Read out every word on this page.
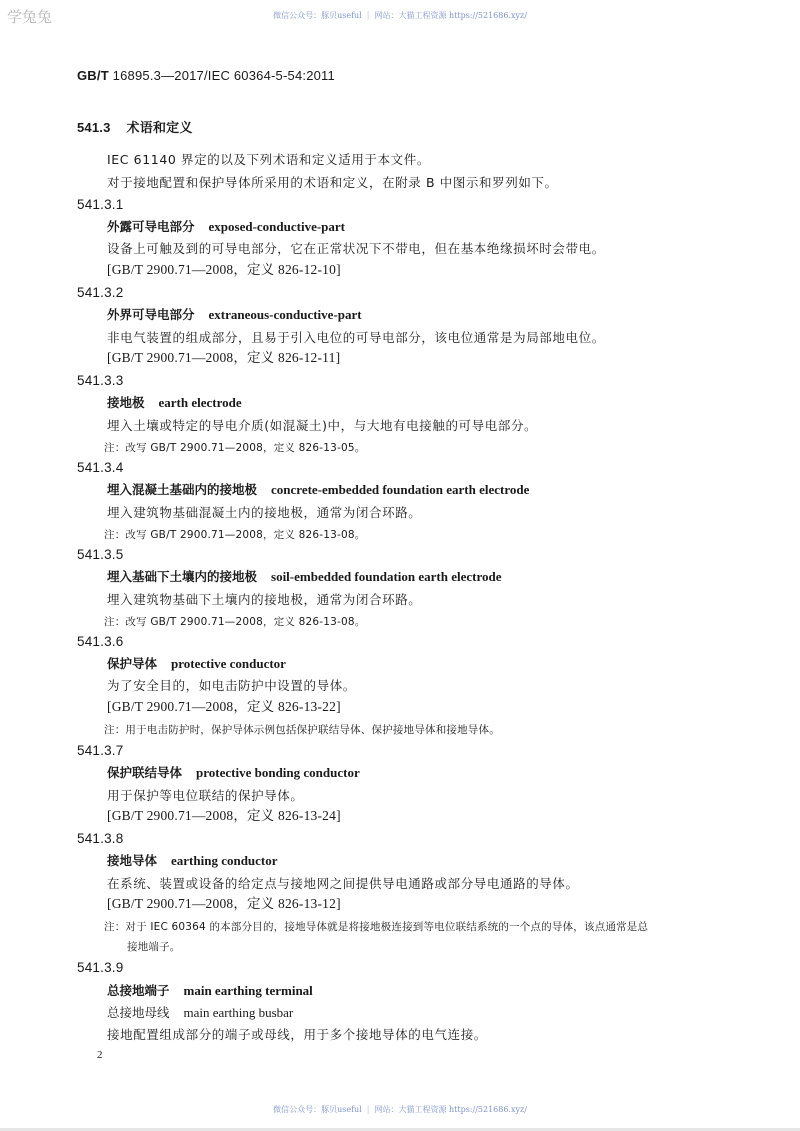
学兔兔	微信公众号：豚贝useful | 网站：大猫工程资源 https://521686.xyz/
GB/T 16895.3—2017/IEC 60364-5-54:2011
541.3 术语和定义
IEC 61140 界定的以及下列术语和定义适用于本文件。
对于接地配置和保护导体所采用的术语和定义，在附录 B 中图示和罗列如下。
541.3.1
外露可导电部分 exposed-conductive-part
设备上可触及到的可导电部分，它在正常状况下不带电，但在基本绝缘损坏时会带电。
[GB/T 2900.71—2008，定义 826-12-10]
541.3.2
外界可导电部分 extraneous-conductive-part
非电气装置的组成部分，且易于引入电位的可导电部分，该电位通常是为局部地电位。
[GB/T 2900.71—2008，定义 826-12-11]
541.3.3
接地极 earth electrode
埋入土壤或特定的导电介质(如混凝土)中，与大地有电接触的可导电部分。
注：改写 GB/T 2900.71—2008，定义 826-13-05。
541.3.4
埋入混凝土基础内的接地极 concrete-embedded foundation earth electrode
埋入建筑物基础混凝土内的接地极，通常为闭合环路。
注：改写 GB/T 2900.71—2008，定义 826-13-08。
541.3.5
埋入基础下土壤内的接地极 soil-embedded foundation earth electrode
埋入建筑物基础下土壤内的接地极，通常为闭合环路。
注：改写 GB/T 2900.71—2008，定义 826-13-08。
541.3.6
保护导体 protective conductor
为了安全目的，如电击防护中设置的导体。
[GB/T 2900.71—2008，定义 826-13-22]
注：用于电击防护时，保护导体示例包括保护联结导体、保护接地导体和接地导体。
541.3.7
保护联结导体 protective bonding conductor
用于保护等电位联结的保护导体。
[GB/T 2900.71—2008，定义 826-13-24]
541.3.8
接地导体 earthing conductor
在系统、装置或设备的给定点与接地网之间提供导电通路或部分导电通路的导体。
[GB/T 2900.71—2008，定义 826-13-12]
注：对于 IEC 60364 的本部分目的，接地导体就是将接地极连接到等电位联结系统的一个点的导体，该点通常是总
接地端子。
541.3.9
总接地端子 main earthing terminal
总接地母线 main earthing busbar
接地配置组成部分的端子或母线，用于多个接地导体的电气连接。
2
微信公众号：豚贝useful | 网站：大猫工程资源 https://521686.xyz/
